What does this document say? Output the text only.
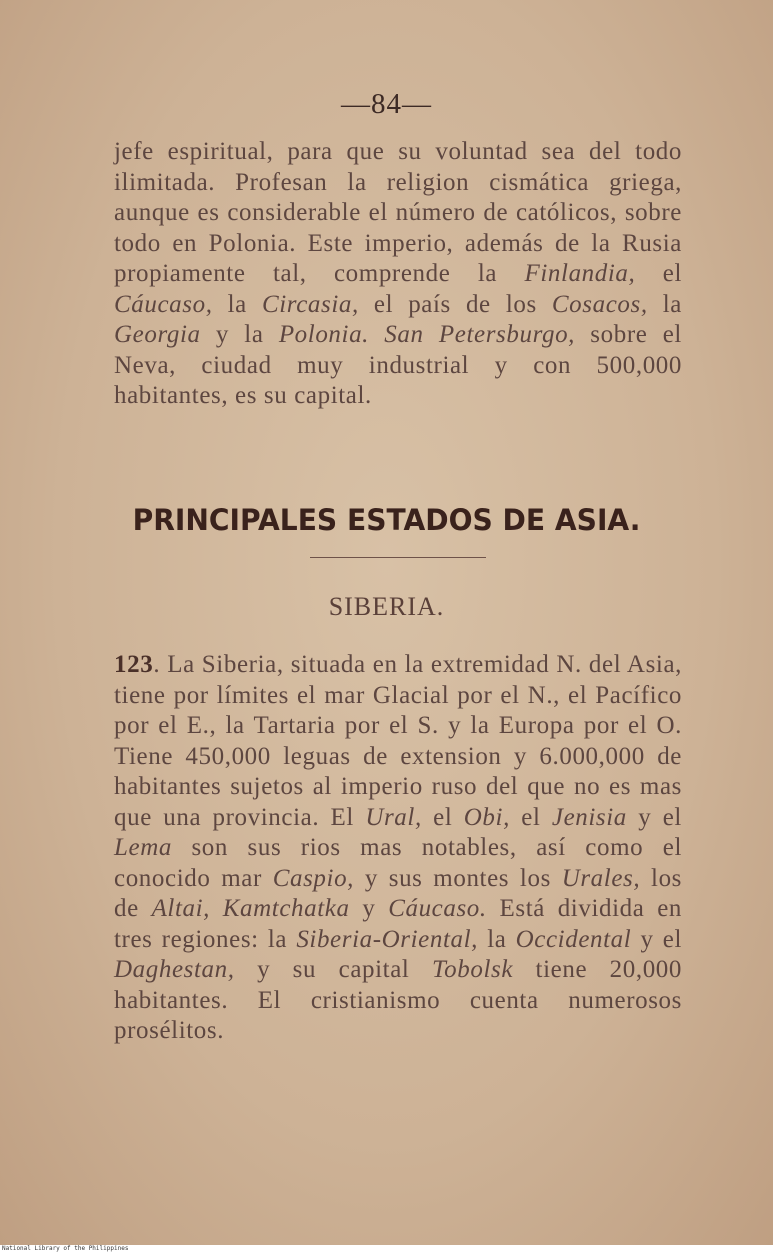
—84—
jefe espiritual, para que su voluntad sea del todo ilimitada. Profesan la religion cismática griega, aunque es considerable el número de católicos, sobre todo en Polonia. Este imperio, además de la Rusia propiamente tal, comprende la Finlandia, el Cáucaso, la Circasia, el país de los Cosacos, la Georgia y la Polonia. San Petersburgo, sobre el Neva, ciudad muy industrial y con 500,000 habitantes, es su capital.
PRINCIPALES ESTADOS DE ASIA.
SIBERIA.
123. La Siberia, situada en la extremidad N. del Asia, tiene por límites el mar Glacial por el N., el Pacífico por el E., la Tartaria por el S. y la Europa por el O. Tiene 450,000 leguas de extension y 6.000,000 de habitantes sujetos al imperio ruso del que no es mas que una provincia. El Ural, el Obi, el Jenisia y el Lema son sus rios mas notables, así como el conocido mar Caspio, y sus montes los Urales, los de Altai, Kamtchatka y Cáucaso. Está dividida en tres regiones: la Siberia-Oriental, la Occidental y el Daghestan, y su capital Tobolsk tiene 20,000 habitantes. El cristianismo cuenta numerosos prosélitos.
National Library of the Philippines
